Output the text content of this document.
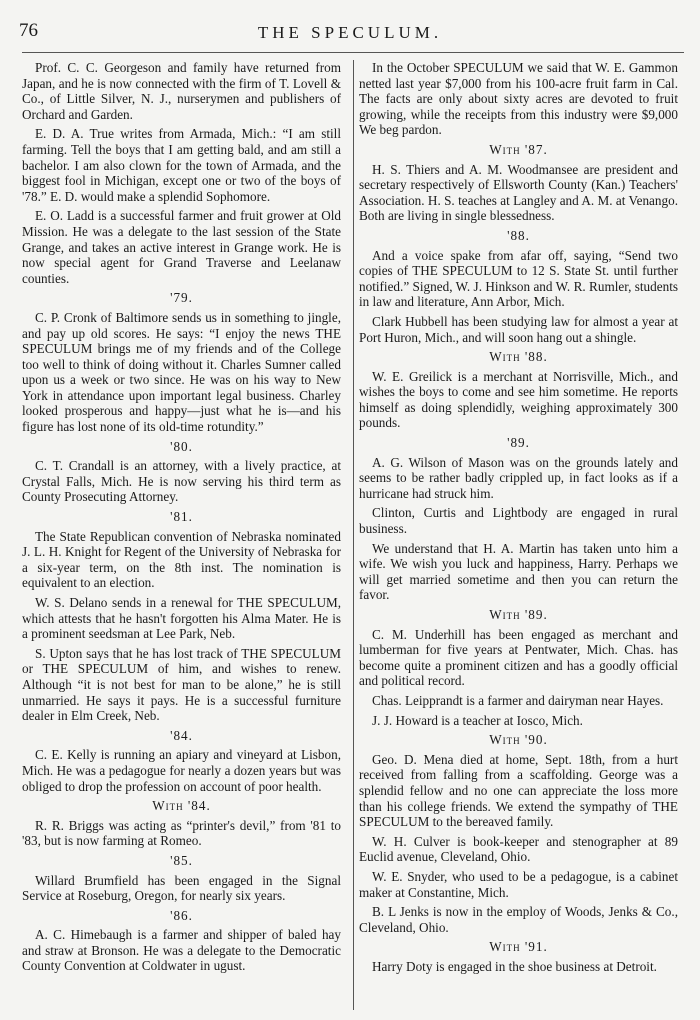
76	THE SPECULUM.

Prof. C. C. Georgeson and family have returned from Japan, and he is now connected with the firm of T. Lovell & Co., of Little Silver, N. J., nurserymen and publishers of Orchard and Garden.

E. D. A. True writes from Armada, Mich.: “I am still farming. Tell the boys that I am getting bald, and am still a bachelor. I am also clown for the town of Armada, and the biggest fool in Michigan, except one or two of the boys of '78.” E. D. would make a splendid Sophomore.

E. O. Ladd is a successful farmer and fruit grower at Old Mission. He was a delegate to the last session of the State Grange, and takes an active interest in Grange work. He is now special agent for Grand Traverse and Leelanaw counties.

'79.

C. P. Cronk of Baltimore sends us in something to jingle, and pay up old scores. He says: “I enjoy the news THE SPECULUM brings me of my friends and of the College too well to think of doing without it. Charles Sumner called upon us a week or two since. He was on his way to New York in attendance upon important legal business. Charley looked prosperous and happy—just what he is—and his figure has lost none of its old-time rotundity.”

'80.

C. T. Crandall is an attorney, with a lively practice, at Crystal Falls, Mich. He is now serving his third term as County Prosecuting Attorney.

'81.

The State Republican convention of Nebraska nominated J. L. H. Knight for Regent of the University of Nebraska for a six-year term, on the 8th inst. The nomination is equivalent to an election.

W. S. Delano sends in a renewal for THE SPECULUM, which attests that he hasn't forgotten his Alma Mater. He is a prominent seedsman at Lee Park, Neb.

S. Upton says that he has lost track of THE SPECULUM or THE SPECULUM of him, and wishes to renew. Although “it is not best for man to be alone,” he is still unmarried. He says it pays. He is a successful furniture dealer in Elm Creek, Neb.

'84.

C. E. Kelly is running an apiary and vineyard at Lisbon, Mich. He was a pedagogue for nearly a dozen years but was obliged to drop the profession on account of poor health.

With '84.

R. R. Briggs was acting as “printer's devil,” from '81 to '83, but is now farming at Romeo.

'85.

Willard Brumfield has been engaged in the Signal Service at Roseburg, Oregon, for nearly six years.

'86.

A. C. Himebaugh is a farmer and shipper of baled hay and straw at Bronson. He was a delegate to the Democratic County Convention at Coldwater in ugust.

In the October SPECULUM we said that W. E. Gammon netted last year $7,000 from his 100-acre fruit farm in Cal. The facts are only about sixty acres are devoted to fruit growing, while the receipts from this industry were $9,000 We beg pardon.

With '87.

H. S. Thiers and A. M. Woodmansee are president and secretary respectively of Ellsworth County (Kan.) Teachers' Association. H. S. teaches at Langley and A. M. at Venango. Both are living in single blessedness.

'88.

And a voice spake from afar off, saying, “Send two copies of THE SPECULUM to 12 S. State St. until further notified.” Signed, W. J. Hinkson and W. R. Rumler, students in law and literature, Ann Arbor, Mich.

Clark Hubbell has been studying law for almost a year at Port Huron, Mich., and will soon hang out a shingle.

With '88.

W. E. Greilick is a merchant at Norrisville, Mich., and wishes the boys to come and see him sometime. He reports himself as doing splendidly, weighing approximately 300 pounds.

'89.

A. G. Wilson of Mason was on the grounds lately and seems to be rather badly crippled up, in fact looks as if a hurricane had struck him.

Clinton, Curtis and Lightbody are engaged in rural business.

We understand that H. A. Martin has taken unto him a wife. We wish you luck and happiness, Harry. Perhaps we will get married sometime and then you can return the favor.

With '89.

C. M. Underhill has been engaged as merchant and lumberman for five years at Pentwater, Mich. Chas. has become quite a prominent citizen and has a goodly official and political record.

Chas. Leipprandt is a farmer and dairyman near Hayes.

J. J. Howard is a teacher at Iosco, Mich.

With '90.

Geo. D. Mena died at home, Sept. 18th, from a hurt received from falling from a scaffolding. George was a splendid fellow and no one can appreciate the loss more than his college friends. We extend the sympathy of THE SPECULUM to the bereaved family.

W. H. Culver is book-keeper and stenographer at 89 Euclid avenue, Cleveland, Ohio.

W. E. Snyder, who used to be a pedagogue, is a cabinet maker at Constantine, Mich.

B. L Jenks is now in the employ of Woods, Jenks & Co., Cleveland, Ohio.

With '91.

Harry Doty is engaged in the shoe business at Detroit.
